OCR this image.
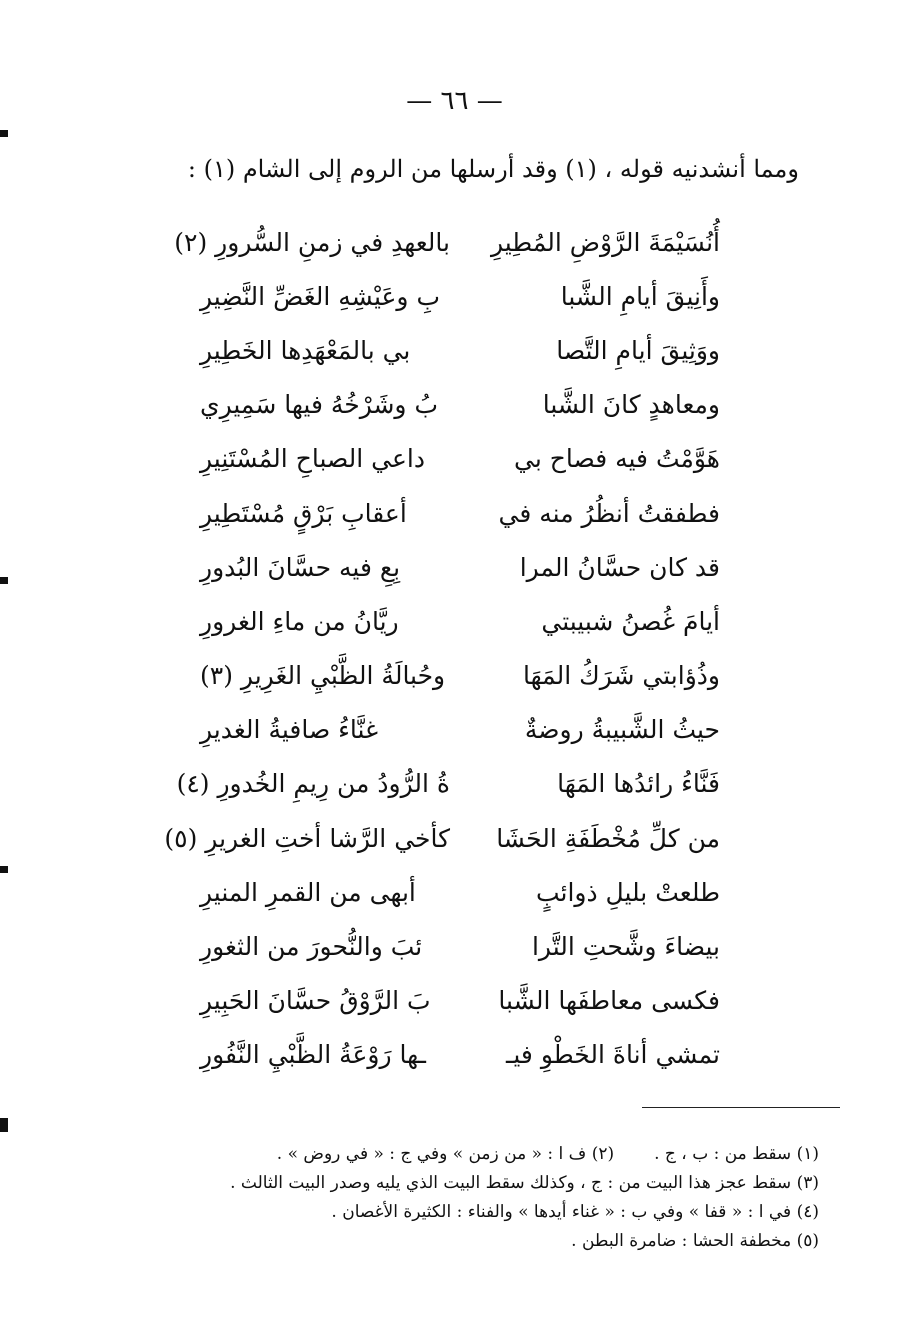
— ٦٦ —
ومما أنشدنيه قوله ، (١) وقد أرسلها من الروم إلى الشام (١) :
أُنُسَيْمَةَ الرَّوْضِ المُطِيرِ
بالعهدِ في زمنِ السُّرورِ (٢)
وأَنِيقَ أيامِ الشَّبا
بِ وعَيْشِهِ الغَضِّ النَّضِيرِ
ووَثِيقَ أيامِ التَّصا
بي بالمَعْهَدِها الخَطِيرِ
ومعاهدٍ كانَ الشَّبا
بُ وشَرْخُهُ فيها سَمِيرِي
هَوَّمْتُ فيه فصاح بي
داعي الصباحِ المُسْتَنِيرِ
فطفقتُ أنظُرُ منه في
أعقابِ بَرْقٍ مُسْتَطِيرِ
قد كان حسَّانُ المرا
بِعِ فيه حسَّانَ البُدورِ
أيامَ غُصنُ شبيبتي
ريَّانُ من ماءِ الغرورِ
وذُؤابتي شَرَكُ المَهَا
وحُبالَةُ الظَّبْيِ الغَرِيرِ (٣)
حيثُ الشَّبيبةُ روضةٌ
غنَّاءُ صافيةُ الغديرِ
فَنَّاءُ رائدُها المَهَا
ةُ الرُّودُ من رِيمِ الخُدورِ (٤)
من كلِّ مُخْطَفَةِ الحَشَا
كأخي الرَّشا أختِ الغريرِ (٥)
طلعتْ بليلِ ذوائبٍ
أبهى من القمرِ المنيرِ
بيضاءَ وشَّحتِ التَّرا
ئبَ والنُّحورَ من الثغورِ
فكسى معاطفَها الشَّبا
بَ الرَّوْقُ حسَّانَ الحَبِيرِ
تمشي أناةَ الخَطْوِ فيـ
ـها رَوْعَةُ الظَّبْيِ النَّفُورِ
(١) سقط من : ب ، ج .
(٢) ف ا : « من زمن » وفي ج : « في روض » .
(٣) سقط عجز هذا البيت من : ج ، وكذلك سقط البيت الذي يليه وصدر البيت الثالث .
(٤) في ا : « قفا » وفي ب : « غناء أيدها » والفناء : الكثيرة الأغصان .
(٥) مخطفة الحشا : ضامرة البطن .
